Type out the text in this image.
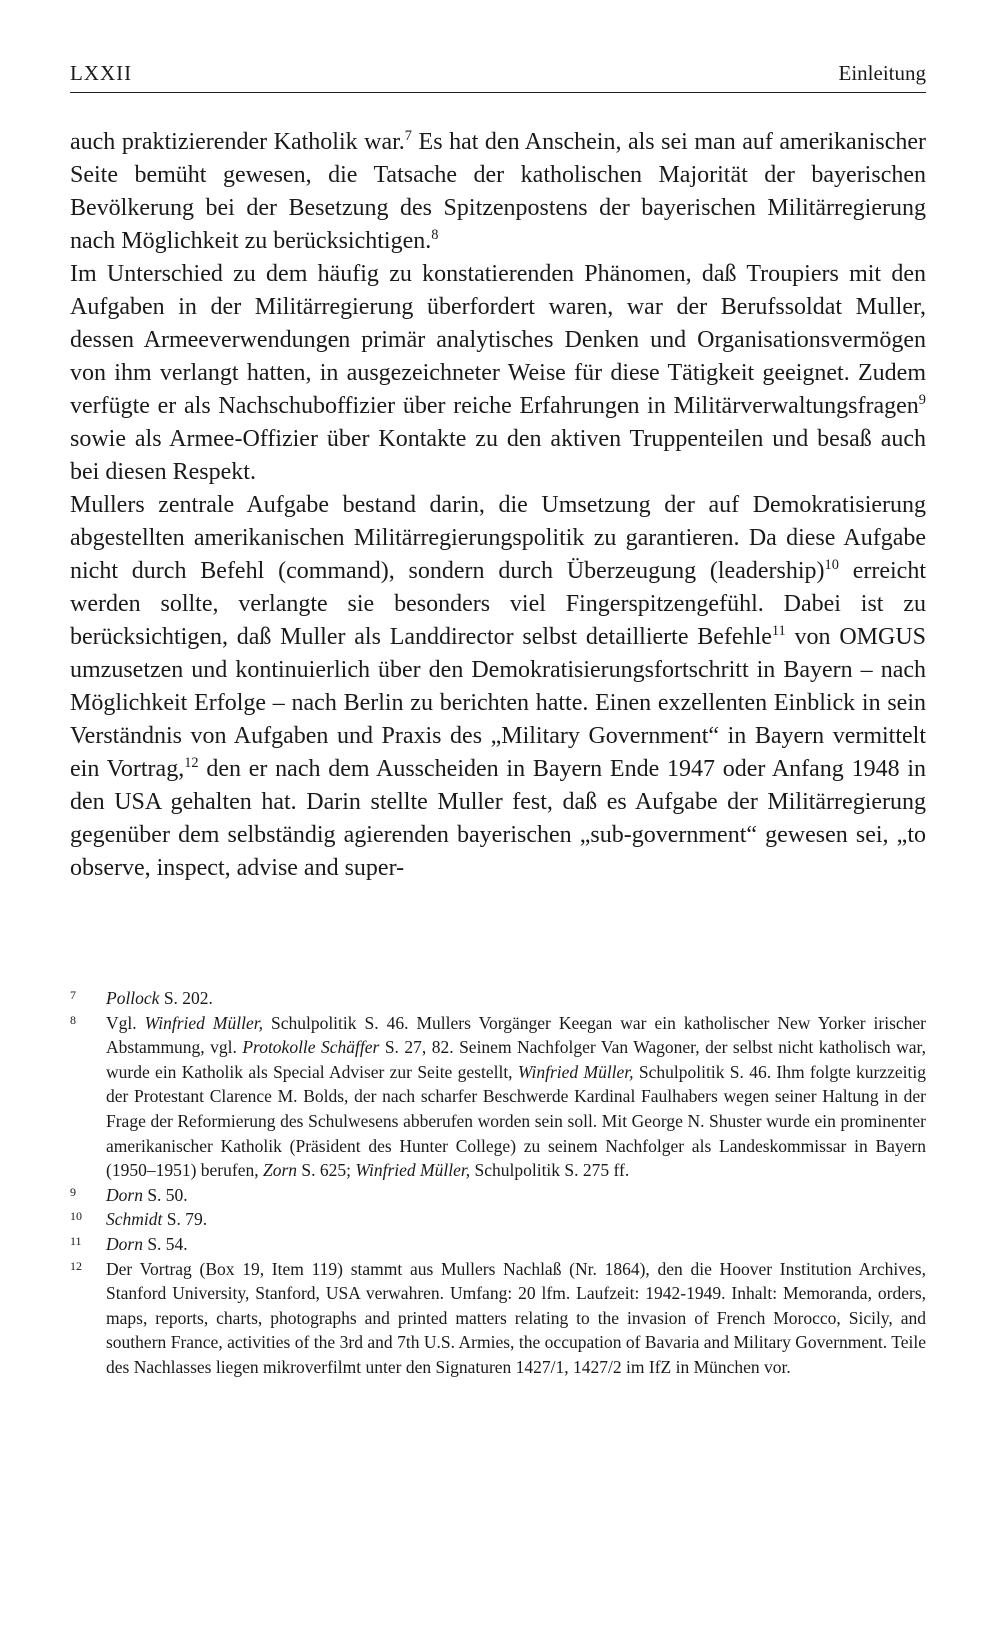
LXXII	Einleitung

auch praktizierender Katholik war.$^7$ Es hat den Anschein, als sei man auf amerikanischer Seite bemüht gewesen, die Tatsache der katholischen Majorität der bayerischen Bevölkerung bei der Besetzung des Spitzenpostens der bayerischen Militärregierung nach Möglichkeit zu berücksichtigen.$^8$

Im Unterschied zu dem häufig zu konstatierenden Phänomen, daß Troupiers mit den Aufgaben in der Militärregierung überfordert waren, war der Berufssoldat Muller, dessen Armeeverwendungen primär analytisches Denken und Organisationsvermögen von ihm verlangt hatten, in ausgezeichneter Weise für diese Tätigkeit geeignet. Zudem verfügte er als Nachschuboffizier über reiche Erfahrungen in Militärverwaltungsfragen$^9$ sowie als Armee-Offizier über Kontakte zu den aktiven Truppenteilen und besaß auch bei diesen Respekt.

Mullers zentrale Aufgabe bestand darin, die Umsetzung der auf Demokratisierung abgestellten amerikanischen Militärregierungspolitik zu garantieren. Da diese Aufgabe nicht durch Befehl (command), sondern durch Überzeugung (leadership)$^{10}$ erreicht werden sollte, verlangte sie besonders viel Fingerspitzengefühl. Dabei ist zu berücksichtigen, daß Muller als Landdirector selbst detaillierte Befehle$^{11}$ von OMGUS umzusetzen und kontinuierlich über den Demokratisierungsfortschritt in Bayern – nach Möglichkeit Erfolge – nach Berlin zu berichten hatte. Einen exzellenten Einblick in sein Verständnis von Aufgaben und Praxis des „Military Government“ in Bayern vermittelt ein Vortrag,$^{12}$ den er nach dem Ausscheiden in Bayern Ende 1947 oder Anfang 1948 in den USA gehalten hat. Darin stellte Muller fest, daß es Aufgabe der Militärregierung gegenüber dem selbständig agierenden bayerischen „sub-government“ gewesen sei, „to observe, inspect, advise and super-

7 Pollock S. 202.
8 Vgl. Winfried Müller, Schulpolitik S. 46. Mullers Vorgänger Keegan war ein katholischer New Yorker irischer Abstammung, vgl. Protokolle Schäffer S. 27, 82. Seinem Nachfolger Van Wagoner, der selbst nicht katholisch war, wurde ein Katholik als Special Adviser zur Seite gestellt, Winfried Müller, Schulpolitik S. 46. Ihm folgte kurzzeitig der Protestant Clarence M. Bolds, der nach scharfer Beschwerde Kardinal Faulhabers wegen seiner Haltung in der Frage der Reformierung des Schulwesens abberufen worden sein soll. Mit George N. Shuster wurde ein prominenter amerikanischer Katholik (Präsident des Hunter College) zu seinem Nachfolger als Landeskommissar in Bayern (1950–1951) berufen, Zorn S. 625; Winfried Müller, Schulpolitik S. 275 ff.
9 Dorn S. 50.
10 Schmidt S. 79.
11 Dorn S. 54.
12 Der Vortrag (Box 19, Item 119) stammt aus Mullers Nachlaß (Nr. 1864), den die Hoover Institution Archives, Stanford University, Stanford, USA verwahren. Umfang: 20 lfm. Laufzeit: 1942-1949. Inhalt: Memoranda, orders, maps, reports, charts, photographs and printed matters relating to the invasion of French Morocco, Sicily, and southern France, activities of the 3rd and 7th U.S. Armies, the occupation of Bavaria and Military Government. Teile des Nachlasses liegen mikroverfilmt unter den Signaturen 1427/1, 1427/2 im IfZ in München vor.
